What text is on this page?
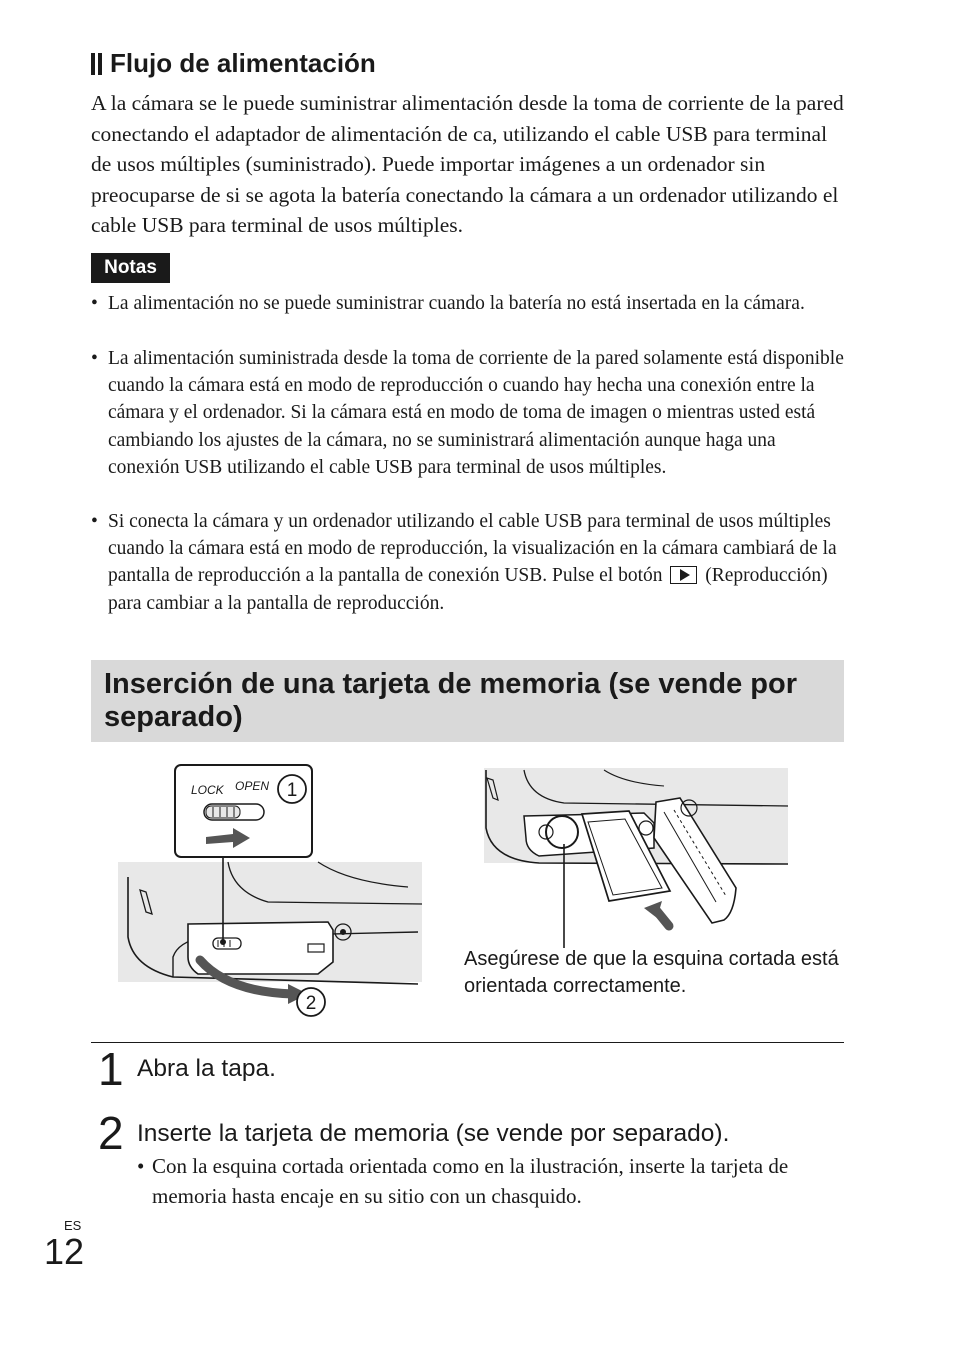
Flujo de alimentación
A la cámara se le puede suministrar alimentación desde la toma de corriente de la pared conectando el adaptador de alimentación de ca, utilizando el cable USB para terminal de usos múltiples (suministrado). Puede importar imágenes a un ordenador sin preocuparse de si se agota la batería conectando la cámara a un ordenador utilizando el cable USB para terminal de usos múltiples.
Notas
• La alimentación no se puede suministrar cuando la batería no está insertada en la cámara.
• La alimentación suministrada desde la toma de corriente de la pared solamente está disponible cuando la cámara está en modo de reproducción o cuando hay hecha una conexión entre la cámara y el ordenador. Si la cámara está en modo de toma de imagen o mientras usted está cambiando los ajustes de la cámara, no se suministrará alimentación aunque haga una conexión USB utilizando el cable USB para terminal de usos múltiples.
• Si conecta la cámara y un ordenador utilizando el cable USB para terminal de usos múltiples cuando la cámara está en modo de reproducción, la visualización en la cámara cambiará de la pantalla de reproducción a la pantalla de conexión USB. Pulse el botón (Reproducción) para cambiar a la pantalla de reproducción.
Inserción de una tarjeta de memoria (se vende por separado)
2
LOCK OPEN 1
Asegúrese de que la esquina cortada está orientada correctamente.
1 Abra la tapa.
2 Inserte la tarjeta de memoria (se vende por separado).
• Con la esquina cortada orientada como en la ilustración, inserte la tarjeta de memoria hasta encaje en su sitio con un chasquido.
ES
12
